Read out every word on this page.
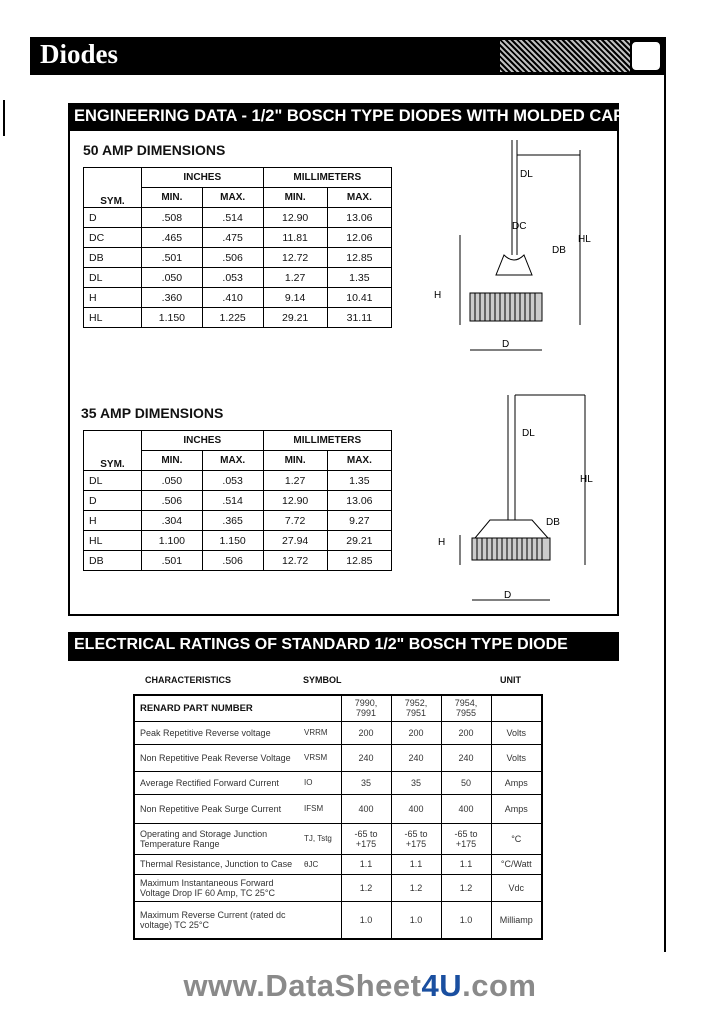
Diodes
ENGINEERING DATA - 1/2" BOSCH TYPE DIODES WITH MOLDED CAP
50 AMP DIMENSIONS
35 AMP DIMENSIONS
SYM.	INCHES		MILLIMETERS	
	MIN.	MAX.	MIN.	MAX.
D	.508	.514	12.90	13.06
DC	.465	.475	11.81	12.06
DB	.501	.506	12.72	12.85
DL	.050	.053	1.27	1.35
H	.360	.410	9.14	10.41
HL	1.150	1.225	29.21	31.11
SYM.	INCHES		MILLIMETERS	
	MIN.	MAX.	MIN.	MAX.
DL	.050	.053	1.27	1.35
D	.506	.514	12.90	13.06
H	.304	.365	7.72	9.27
HL	1.100	1.150	27.94	29.21
DB	.501	.506	12.72	12.85
DL
DC
DB
HL
H
D
DL
HL
DB
H
D
ELECTRICAL RATINGS OF STANDARD 1/2" BOSCH TYPE DIODE
CHARACTERISTICS	SYMBOL	UNIT
RENARD PART NUMBER		7990, 7991	7952, 7951	7954, 7955	
Peak Repetitive Reverse voltage	VRRM	200	200	200	Volts
Non Repetitive Peak Reverse Voltage	VRSM	240	240	240	Volts
Average Rectified Forward Current	IO	35	35	50	Amps
Non Repetitive Peak Surge Current	IFSM	400	400	400	Amps
Operating and Storage Junction Temperature Range	TJ, Tstg	-65 to +175	-65 to +175	-65 to +175	°C
Thermal Resistance, Junction to Case	θJC	1.1	1.1	1.1	°C/Watt
Maximum Instantaneous Forward Voltage Drop IF 60 Amp, TC 25°C		1.2	1.2	1.2	Vdc
Maximum Reverse Current (rated dc voltage) TC 25°C		1.0	1.0	1.0	Milliamp
www.DataSheet4U.com
